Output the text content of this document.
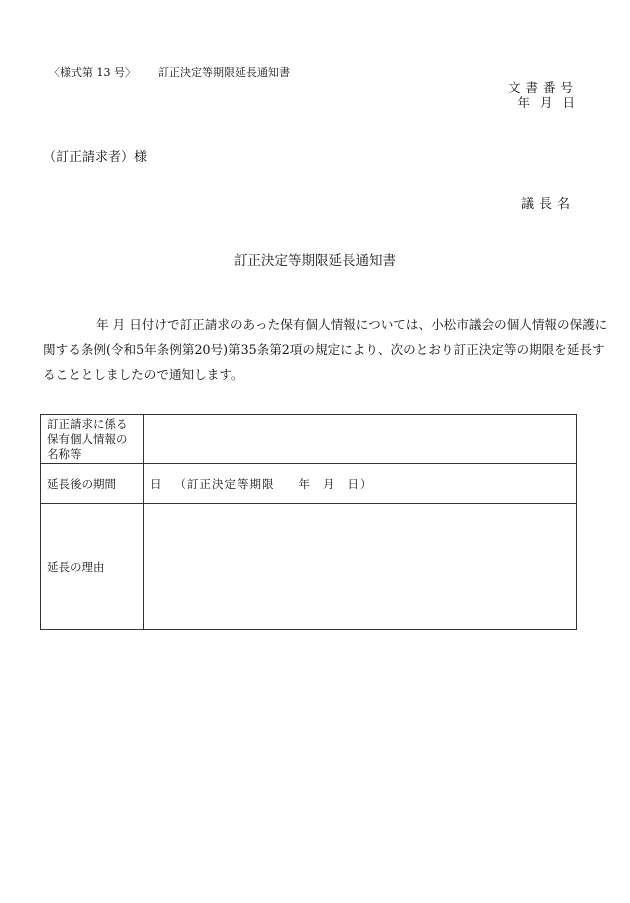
〈様式第 13 号〉 訂正決定等期限延長通知書
文書番号
年 月 日
（訂正請求者）様
議長名
訂正決定等期限延長通知書
年 月 日付けで訂正請求のあった保有個人情報については、小松市議会の個人情報の保護に
関する条例(令和5年条例第20号)第35条第2項の規定により、次のとおり訂正決定等の期限を延長す
ることとしましたので通知します。
訂正請求に係る
保有個人情報の
名称等	

延長後の期間	日 （訂正決定等期限 年 月 日）
延長の理由	
